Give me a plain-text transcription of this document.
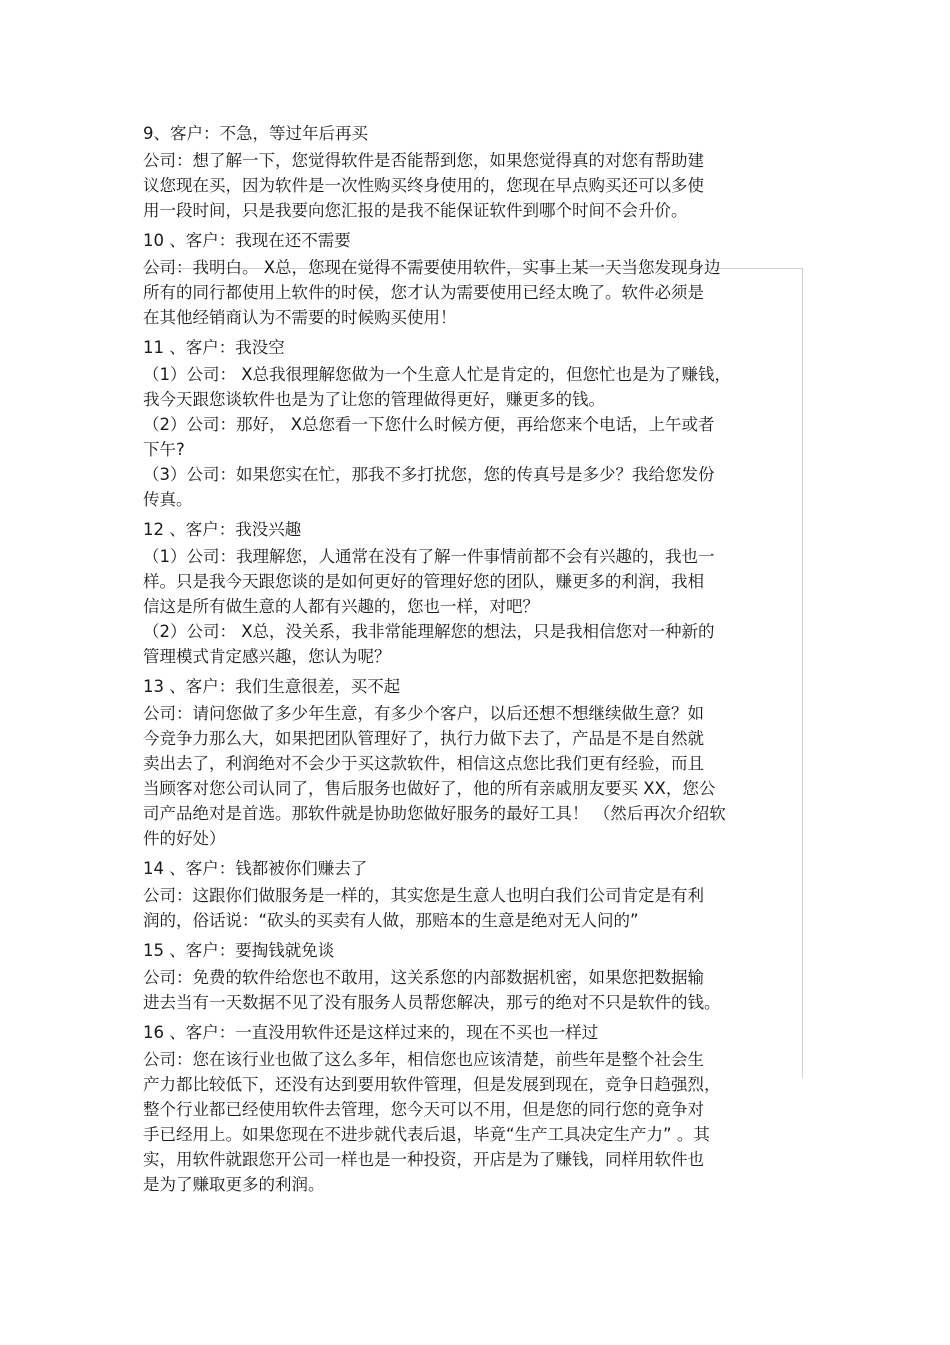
9、客户：不急，等过年后再买

公司：想了解一下，您觉得软件是否能帮到您，如果您觉得真的对您有帮助建

议您现在买，因为软件是一次性购买终身使用的，您现在早点购买还可以多使

用一段时间，只是我要向您汇报的是我不能保证软件到哪个时间不会升价。

10 、客户：我现在还不需要

公司：我明白。 X总，您现在觉得不需要使用软件，实事上某一天当您发现身边

所有的同行都使用上软件的时侯，您才认为需要使用已经太晚了。软件必须是

在其他经销商认为不需要的时候购买使用！

11 、客户：我没空

（1）公司： X总我很理解您做为一个生意人忙是肯定的，但您忙也是为了赚钱，

我今天跟您谈软件也是为了让您的管理做得更好，赚更多的钱。

（2）公司：那好， X总您看一下您什么时候方便，再给您来个电话，上午或者

下午?

（3）公司：如果您实在忙，那我不多打扰您，您的传真号是多少？我给您发份

传真。

12 、客户：我没兴趣

（1）公司：我理解您，人通常在没有了解一件事情前都不会有兴趣的，我也一

样。只是我今天跟您谈的是如何更好的管理好您的团队，赚更多的利润，我相

信这是所有做生意的人都有兴趣的，您也一样，对吧？

（2）公司： X总，没关系，我非常能理解您的想法，只是我相信您对一种新的

管理模式肯定感兴趣，您认为呢？

13 、客户：我们生意很差，买不起

公司：请问您做了多少年生意，有多少个客户，以后还想不想继续做生意？如

今竞争力那么大，如果把团队管理好了，执行力做下去了，产品是不是自然就

卖出去了，利润绝对不会少于买这款软件，相信这点您比我们更有经验，而且

当顾客对您公司认同了，售后服务也做好了，他的所有亲戚朋友要买 XX，您公

司产品绝对是首选。那软件就是协助您做好服务的最好工具！ （然后再次介绍软

件的好处）

14 、客户：钱都被你们赚去了

公司：这跟你们做服务是一样的，其实您是生意人也明白我们公司肯定是有利

润的，俗话说：“砍头的买卖有人做，那赔本的生意是绝对无人问的”

15 、客户：要掏钱就免谈

公司：免费的软件给您也不敢用，这关系您的内部数据机密，如果您把数据输

进去当有一天数据不见了没有服务人员帮您解决，那亏的绝对不只是软件的钱。

16 、客户：一直没用软件还是这样过来的，现在不买也一样过

公司：您在该行业也做了这么多年，相信您也应该清楚，前些年是整个社会生

产力都比较低下，还没有达到要用软件管理，但是发展到现在，竞争日趋强烈，

整个行业都已经使用软件去管理，您今天可以不用，但是您的同行您的竟争对

手已经用上。如果您现在不进步就代表后退，毕竟“生产工具决定生产力” 。其

实，用软件就跟您开公司一样也是一种投资，开店是为了赚钱，同样用软件也

是为了赚取更多的利润。
